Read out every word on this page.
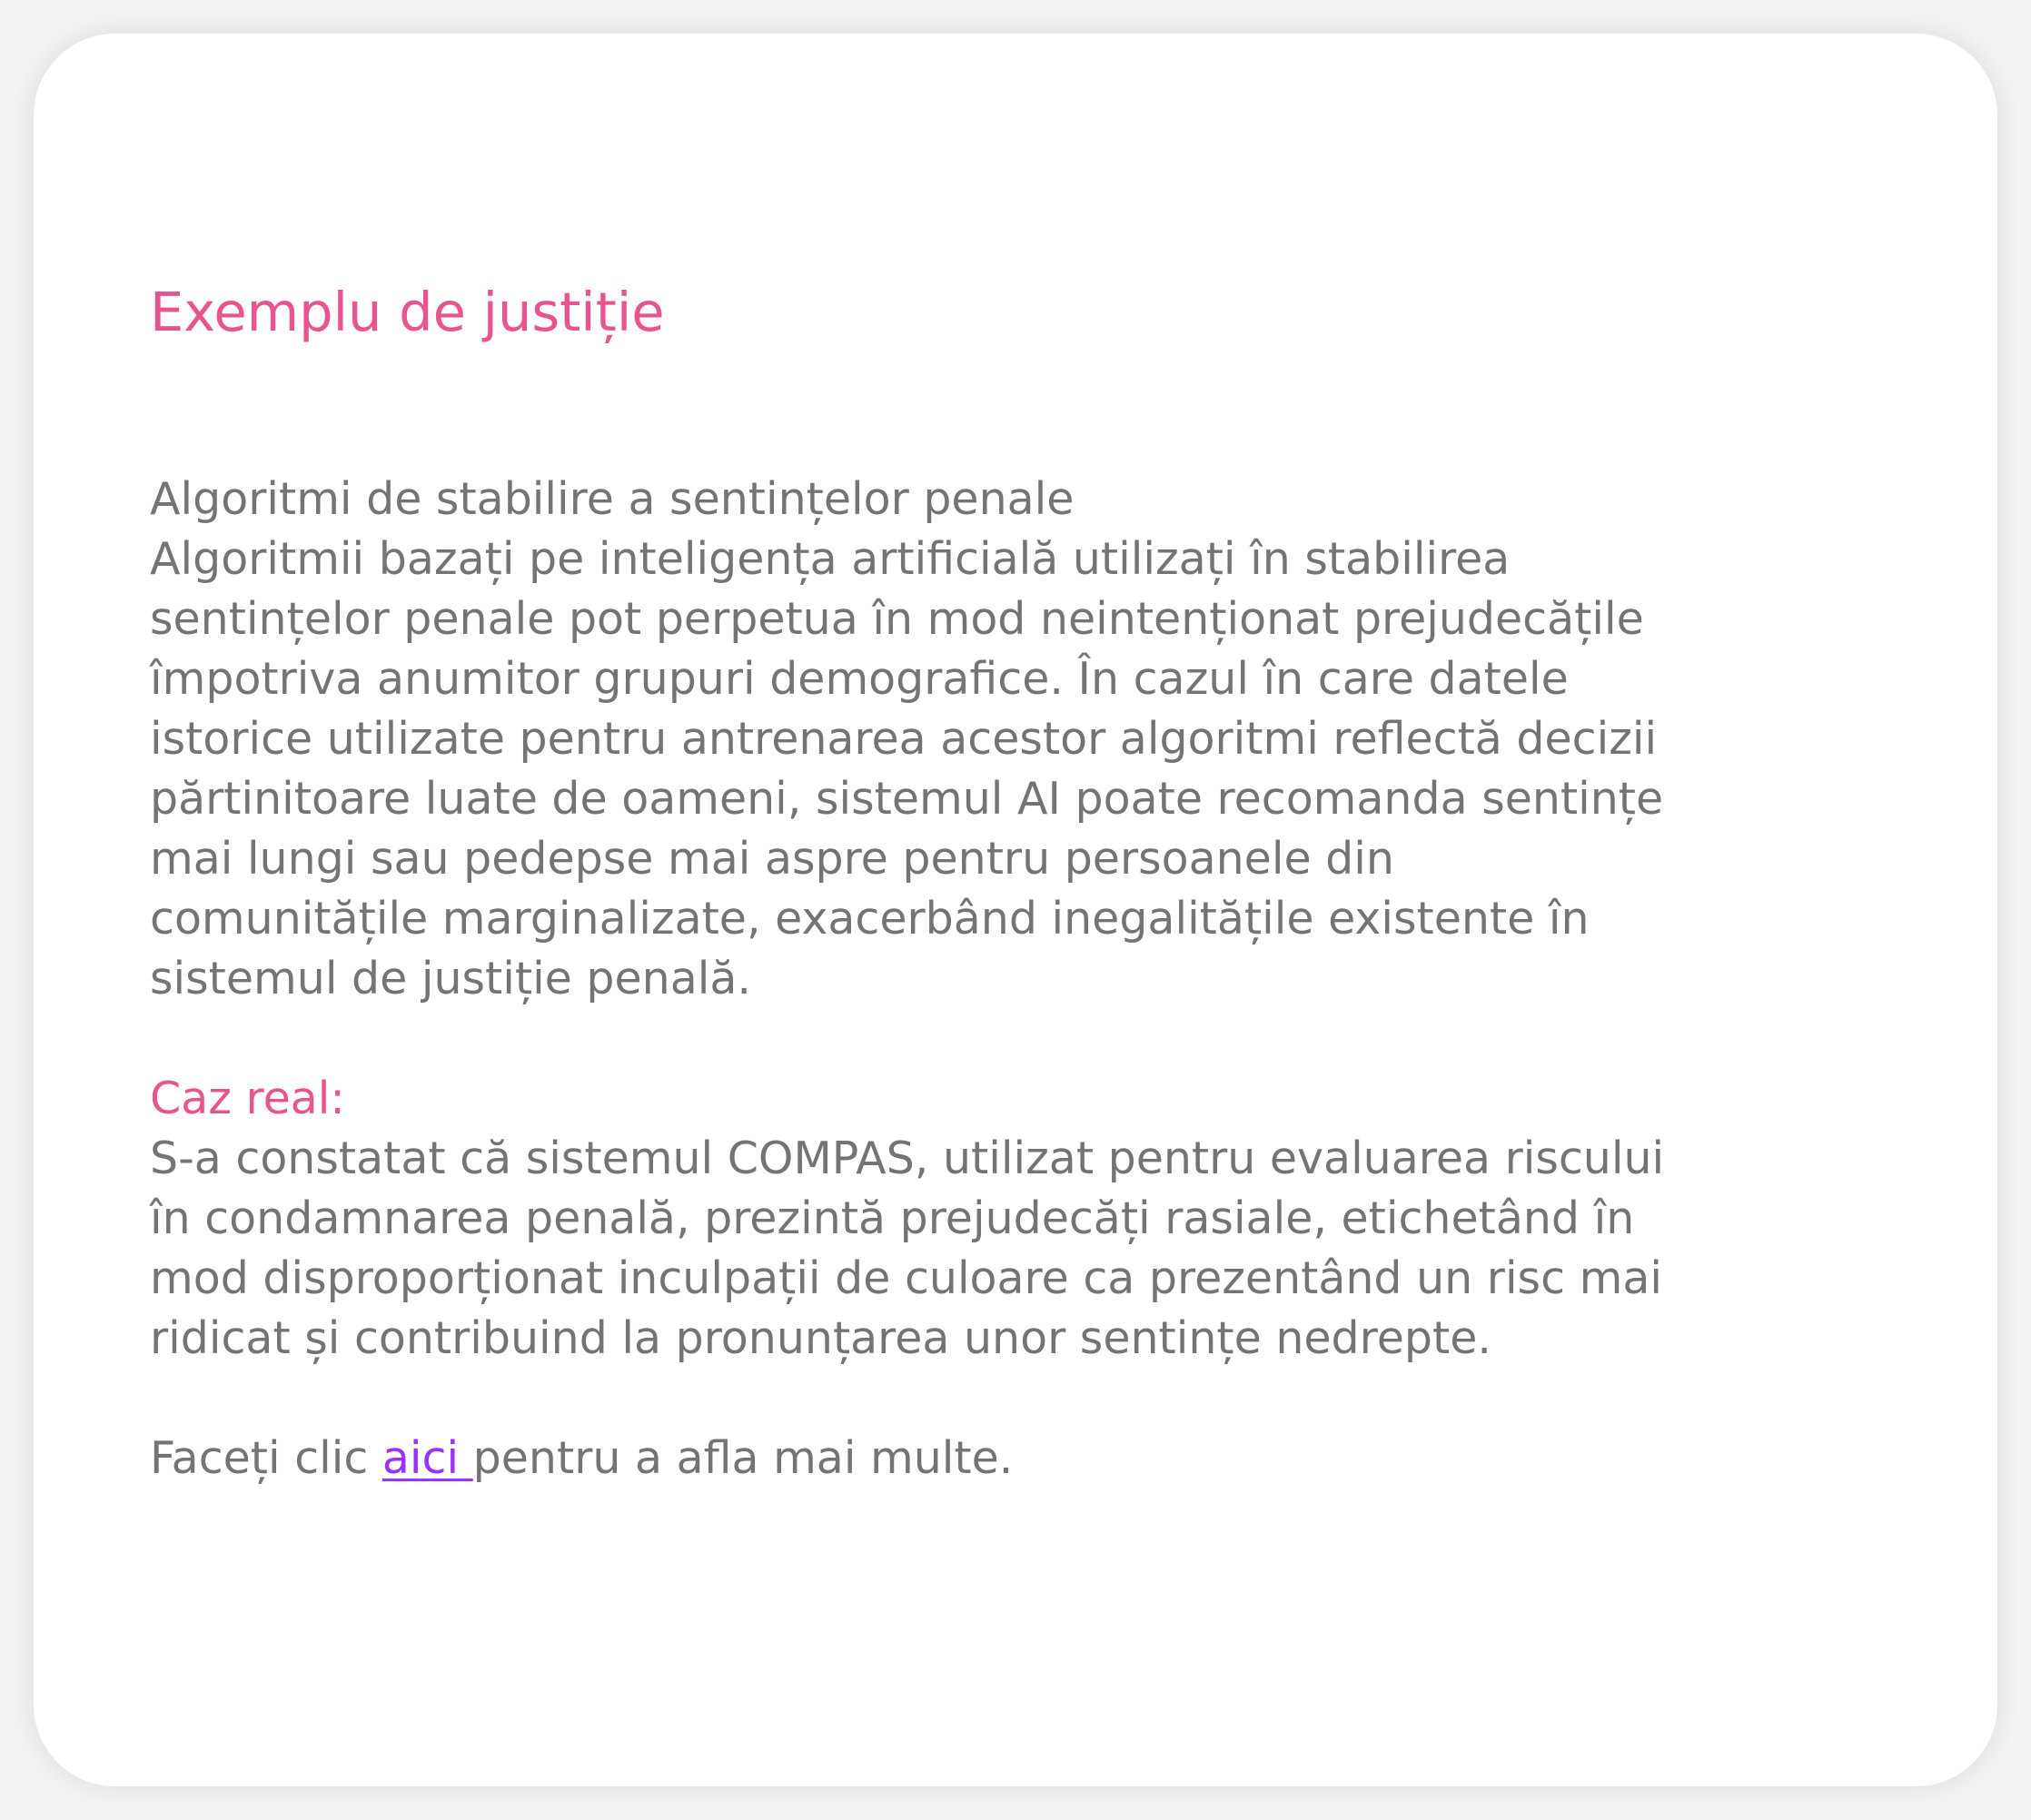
Exemplu de justiție
Algoritmi de stabilire a sentințelor penale
Algoritmii bazați pe inteligența artificială utilizați în stabilirea
sentințelor penale pot perpetua în mod neintenționat prejudecățile
împotriva anumitor grupuri demografice. În cazul în care datele
istorice utilizate pentru antrenarea acestor algoritmi reflectă decizii
părtinitoare luate de oameni, sistemul AI poate recomanda sentințe
mai lungi sau pedepse mai aspre pentru persoanele din
comunitățile marginalizate, exacerbând inegalitățile existente în
sistemul de justiție penală.
Caz real:
S-a constatat că sistemul COMPAS, utilizat pentru evaluarea riscului
în condamnarea penală, prezintă prejudecăți rasiale, etichetând în
mod disproporționat inculpații de culoare ca prezentând un risc mai
ridicat și contribuind la pronunțarea unor sentințe nedrepte.
Faceți clic aici pentru a afla mai multe.
